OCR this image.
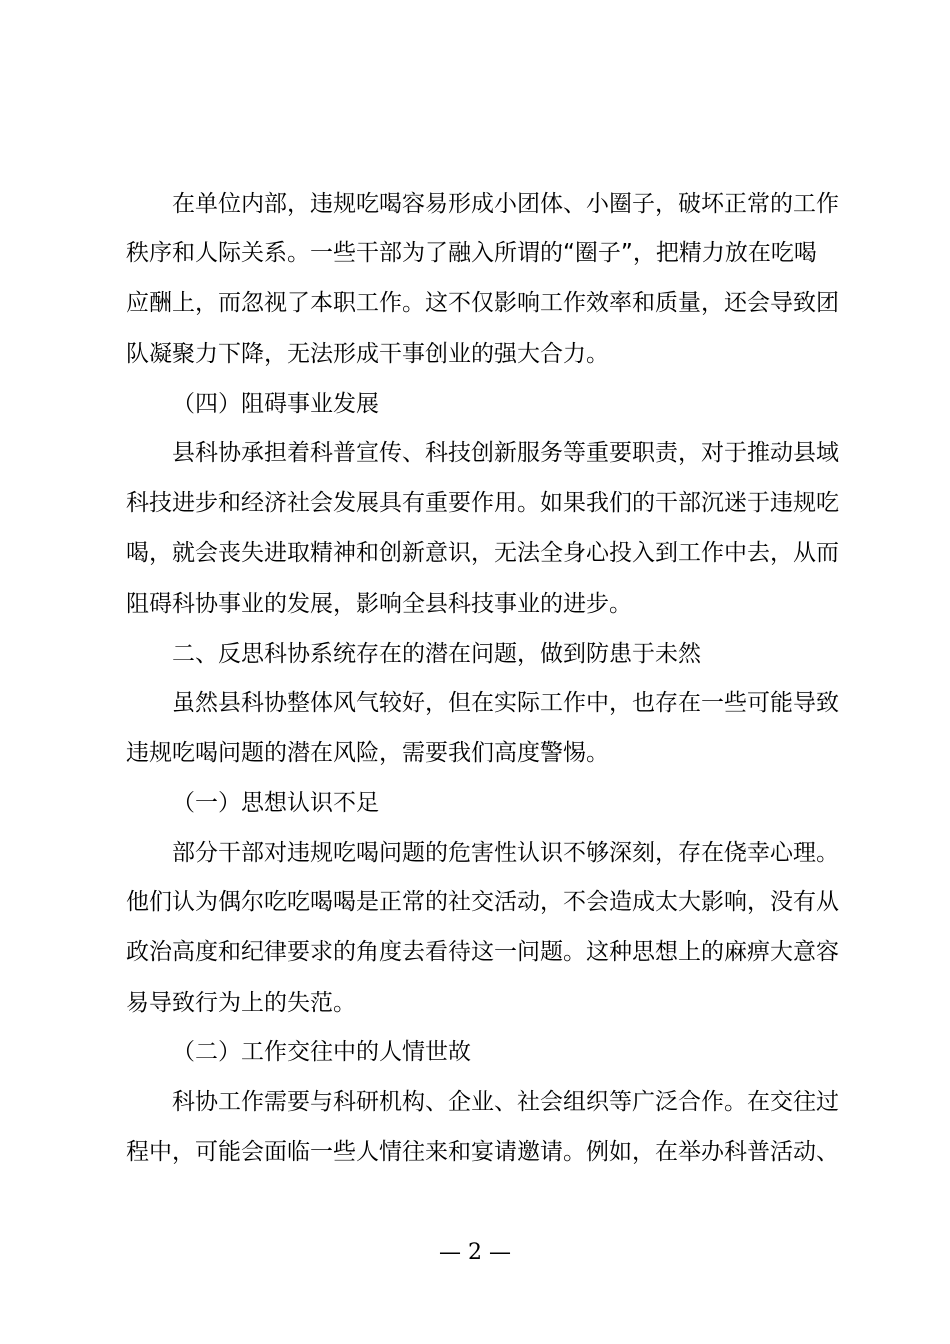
在单位内部，违规吃喝容易形成小团体、小圈子，破坏正常的工作
秩序和人际关系。一些干部为了融入所谓的“圈子”，把精力放在吃喝
应酬上，而忽视了本职工作。这不仅影响工作效率和质量，还会导致团
队凝聚力下降，无法形成干事创业的强大合力。
（四）阻碍事业发展
县科协承担着科普宣传、科技创新服务等重要职责，对于推动县域
科技进步和经济社会发展具有重要作用。如果我们的干部沉迷于违规吃
喝，就会丧失进取精神和创新意识，无法全身心投入到工作中去，从而
阻碍科协事业的发展，影响全县科技事业的进步。
二、反思科协系统存在的潜在问题，做到防患于未然
虽然县科协整体风气较好，但在实际工作中，也存在一些可能导致
违规吃喝问题的潜在风险，需要我们高度警惕。
（一）思想认识不足
部分干部对违规吃喝问题的危害性认识不够深刻，存在侥幸心理。
他们认为偶尔吃吃喝喝是正常的社交活动，不会造成太大影响，没有从
政治高度和纪律要求的角度去看待这一问题。这种思想上的麻痹大意容
易导致行为上的失范。
（二）工作交往中的人情世故
科协工作需要与科研机构、企业、社会组织等广泛合作。在交往过
程中，可能会面临一些人情往来和宴请邀请。例如，在举办科普活动、
— 2 —
